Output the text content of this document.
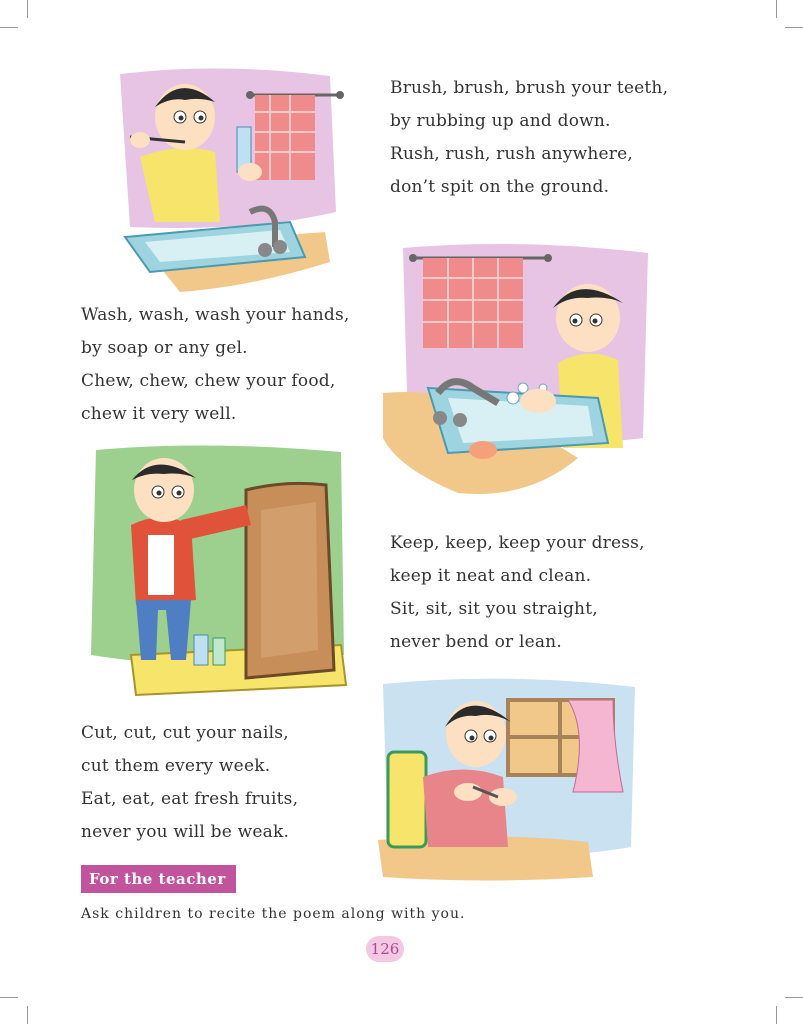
Brush, brush, brush your teeth,
by rubbing up and down.
Rush, rush, rush anywhere,
don’t spit on the ground.
Wash, wash, wash your hands,
by soap or any gel.
Chew, chew, chew your food,
chew it very well.
Keep, keep, keep your dress,
keep it neat and clean.
Sit, sit, sit you straight,
never bend or lean.
Cut, cut, cut your nails,
cut them every week.
Eat, eat, eat fresh fruits,
never you will be weak.
For the teacher
Ask children to recite the poem along with you.
126
